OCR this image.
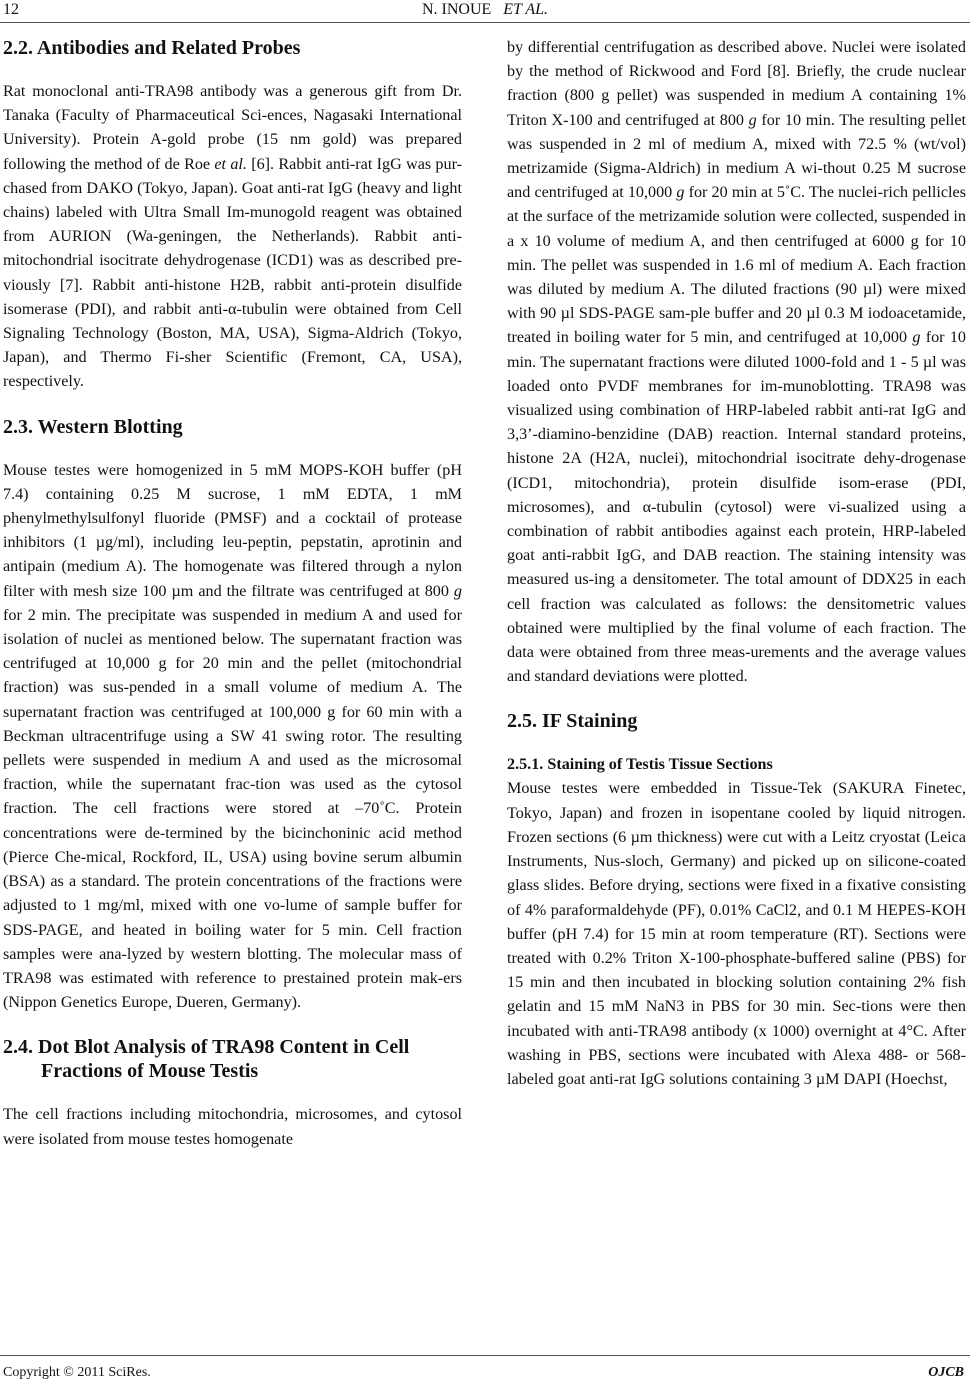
12	N. INOUE ET AL.
2.2. Antibodies and Related Probes

Rat monoclonal anti-TRA98 antibody was a generous gift from Dr. Tanaka (Faculty of Pharmaceutical Sci-ences, Nagasaki International University). Protein A-gold probe (15 nm gold) was prepared following the method of de Roe et al. [6]. Rabbit anti-rat IgG was pur-chased from DAKO (Tokyo, Japan). Goat anti-rat IgG (heavy and light chains) labeled with Ultra Small Im-munogold reagent was obtained from AURION (Wa-geningen, the Netherlands). Rabbit anti-mitochondrial isocitrate dehydrogenase (ICD1) was as described pre-viously [7]. Rabbit anti-histone H2B, rabbit anti-protein disulfide isomerase (PDI), and rabbit anti-α-tubulin were obtained from Cell Signaling Technology (Boston, MA, USA), Sigma-Aldrich (Tokyo, Japan), and Thermo Fi-sher Scientific (Fremont, CA, USA), respectively.

2.3. Western Blotting

Mouse testes were homogenized in 5 mM MOPS-KOH buffer (pH 7.4) containing 0.25 M sucrose, 1 mM EDTA, 1 mM phenylmethylsulfonyl fluoride (PMSF) and a cocktail of protease inhibitors (1 µg/ml), including leu-peptin, pepstatin, aprotinin and antipain (medium A). The homogenate was filtered through a nylon filter with mesh size 100 µm and the filtrate was centrifuged at 800 g for 2 min. The precipitate was suspended in medium A and used for isolation of nuclei as mentioned below. The supernatant fraction was centrifuged at 10,000 g for 20 min and the pellet (mitochondrial fraction) was sus-pended in a small volume of medium A. The supernatant fraction was centrifuged at 100,000 g for 60 min with a Beckman ultracentrifuge using a SW 41 swing rotor. The resulting pellets were suspended in medium A and used as the microsomal fraction, while the supernatant frac-tion was used as the cytosol fraction. The cell fractions were stored at –70˚C. Protein concentrations were de-termined by the bicinchoninic acid method (Pierce Che-mical, Rockford, IL, USA) using bovine serum albumin (BSA) as a standard. The protein concentrations of the fractions were adjusted to 1 mg/ml, mixed with one vo-lume of sample buffer for SDS-PAGE, and heated in boiling water for 5 min. Cell fraction samples were ana-lyzed by western blotting. The molecular mass of TRA98 was estimated with reference to prestained protein mak-ers (Nippon Genetics Europe, Dueren, Germany).

2.4. Dot Blot Analysis of TRA98 Content in Cell Fractions of Mouse Testis

The cell fractions including mitochondria, microsomes, and cytosol were isolated from mouse testes homogenate

by differential centrifugation as described above. Nuclei were isolated by the method of Rickwood and Ford [8]. Briefly, the crude nuclear fraction (800 g pellet) was suspended in medium A containing 1% Triton X-100 and centrifuged at 800 g for 10 min. The resulting pellet was suspended in 2 ml of medium A, mixed with 72.5 % (wt/vol) metrizamide (Sigma-Aldrich) in medium A wi-thout 0.25 M sucrose and centrifuged at 10,000 g for 20 min at 5˚C. The nuclei-rich pellicles at the surface of the metrizamide solution were collected, suspended in a x 10 volume of medium A, and then centrifuged at 6000 g for 10 min. The pellet was suspended in 1.6 ml of medium A. Each fraction was diluted by medium A. The diluted fractions (90 µl) were mixed with 90 µl SDS-PAGE sam-ple buffer and 20 µl 0.3 M iodoacetamide, treated in boiling water for 5 min, and centrifuged at 10,000 g for 10 min. The supernatant fractions were diluted 1000-fold and 1 - 5 µl was loaded onto PVDF membranes for im-munoblotting. TRA98 was visualized using combination of HRP-labeled rabbit anti-rat IgG and 3,3’-diamino-benzidine (DAB) reaction. Internal standard proteins, histone 2A (H2A, nuclei), mitochondrial isocitrate dehy-drogenase (ICD1, mitochondria), protein disulfide isom-erase (PDI, microsomes), and α-tubulin (cytosol) were vi-sualized using a combination of rabbit antibodies against each protein, HRP-labeled goat anti-rabbit IgG, and DAB reaction. The staining intensity was measured us-ing a densitometer. The total amount of DDX25 in each cell fraction was calculated as follows: the densitometric values obtained were multiplied by the final volume of each fraction. The data were obtained from three meas-urements and the average values and standard deviations were plotted.

2.5. IF Staining
2.5.1. Staining of Testis Tissue Sections

Mouse testes were embedded in Tissue-Tek (SAKURA Finetec, Tokyo, Japan) and frozen in isopentane cooled by liquid nitrogen. Frozen sections (6 µm thickness) were cut with a Leitz cryostat (Leica Instruments, Nus-sloch, Germany) and picked up on silicone-coated glass slides. Before drying, sections were fixed in a fixative consisting of 4% paraformaldehyde (PF), 0.01% CaCl2, and 0.1 M HEPES-KOH buffer (pH 7.4) for 15 min at room temperature (RT). Sections were treated with 0.2% Triton X-100-phosphate-buffered saline (PBS) for 15 min and then incubated in blocking solution containing 2% fish gelatin and 15 mM NaN3 in PBS for 30 min. Sec-tions were then incubated with anti-TRA98 antibody (x 1000) overnight at 4°C. After washing in PBS, sections were incubated with Alexa 488- or 568-labeled goat anti-rat IgG solutions containing 3 µM DAPI (Hoechst,

Copyright © 2011 SciRes.	OJCB
